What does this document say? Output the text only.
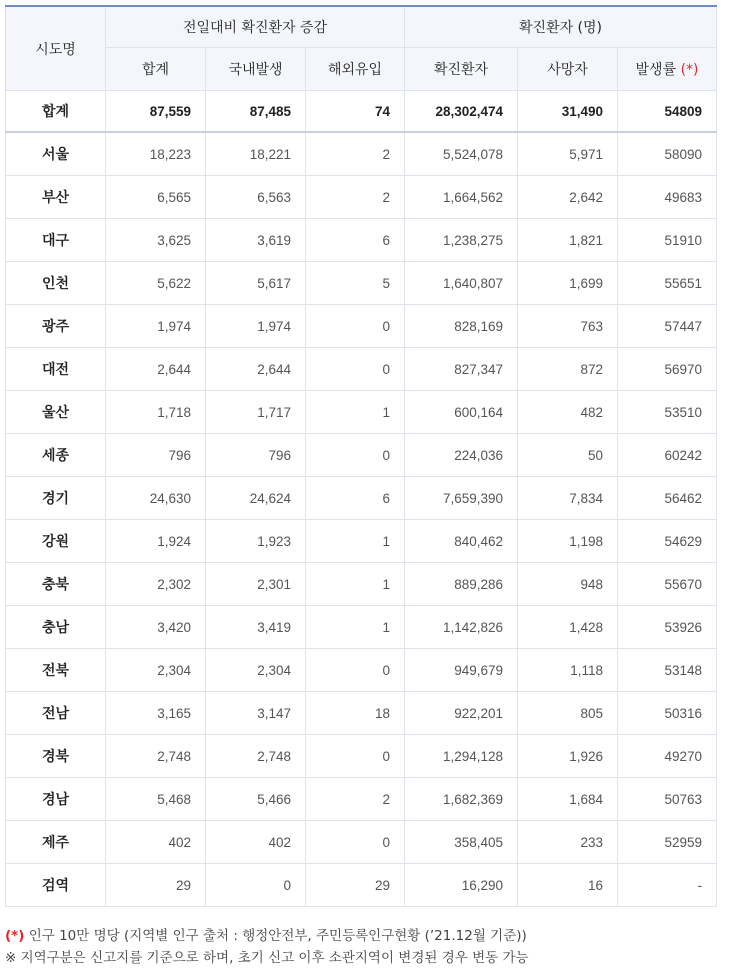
시도명	전일대비 확진환자 증감			확진환자 (명)		
	합계	국내발생	해외유입	확진환자	사망자	발생률 (*)
합계	87,559	87,485	74	28,302,474	31,490	54809
서울	18,223	18,221	2	5,524,078	5,971	58090
부산	6,565	6,563	2	1,664,562	2,642	49683
대구	3,625	3,619	6	1,238,275	1,821	51910
인천	5,622	5,617	5	1,640,807	1,699	55651
광주	1,974	1,974	0	828,169	763	57447
대전	2,644	2,644	0	827,347	872	56970
울산	1,718	1,717	1	600,164	482	53510
세종	796	796	0	224,036	50	60242
경기	24,630	24,624	6	7,659,390	7,834	56462
강원	1,924	1,923	1	840,462	1,198	54629
충북	2,302	2,301	1	889,286	948	55670
충남	3,420	3,419	1	1,142,826	1,428	53926
전북	2,304	2,304	0	949,679	1,118	53148
전남	3,165	3,147	18	922,201	805	50316
경북	2,748	2,748	0	1,294,128	1,926	49270
경남	5,468	5,466	2	1,682,369	1,684	50763
제주	402	402	0	358,405	233	52959
검역	29	0	29	16,290	16	-
(*) 인구 10만 명당 (지역별 인구 출처 : 행정안전부, 주민등록인구현황 (’21.12월 기준))
※ 지역구분은 신고지를 기준으로 하며, 초기 신고 이후 소관지역이 변경된 경우 변동 가능
